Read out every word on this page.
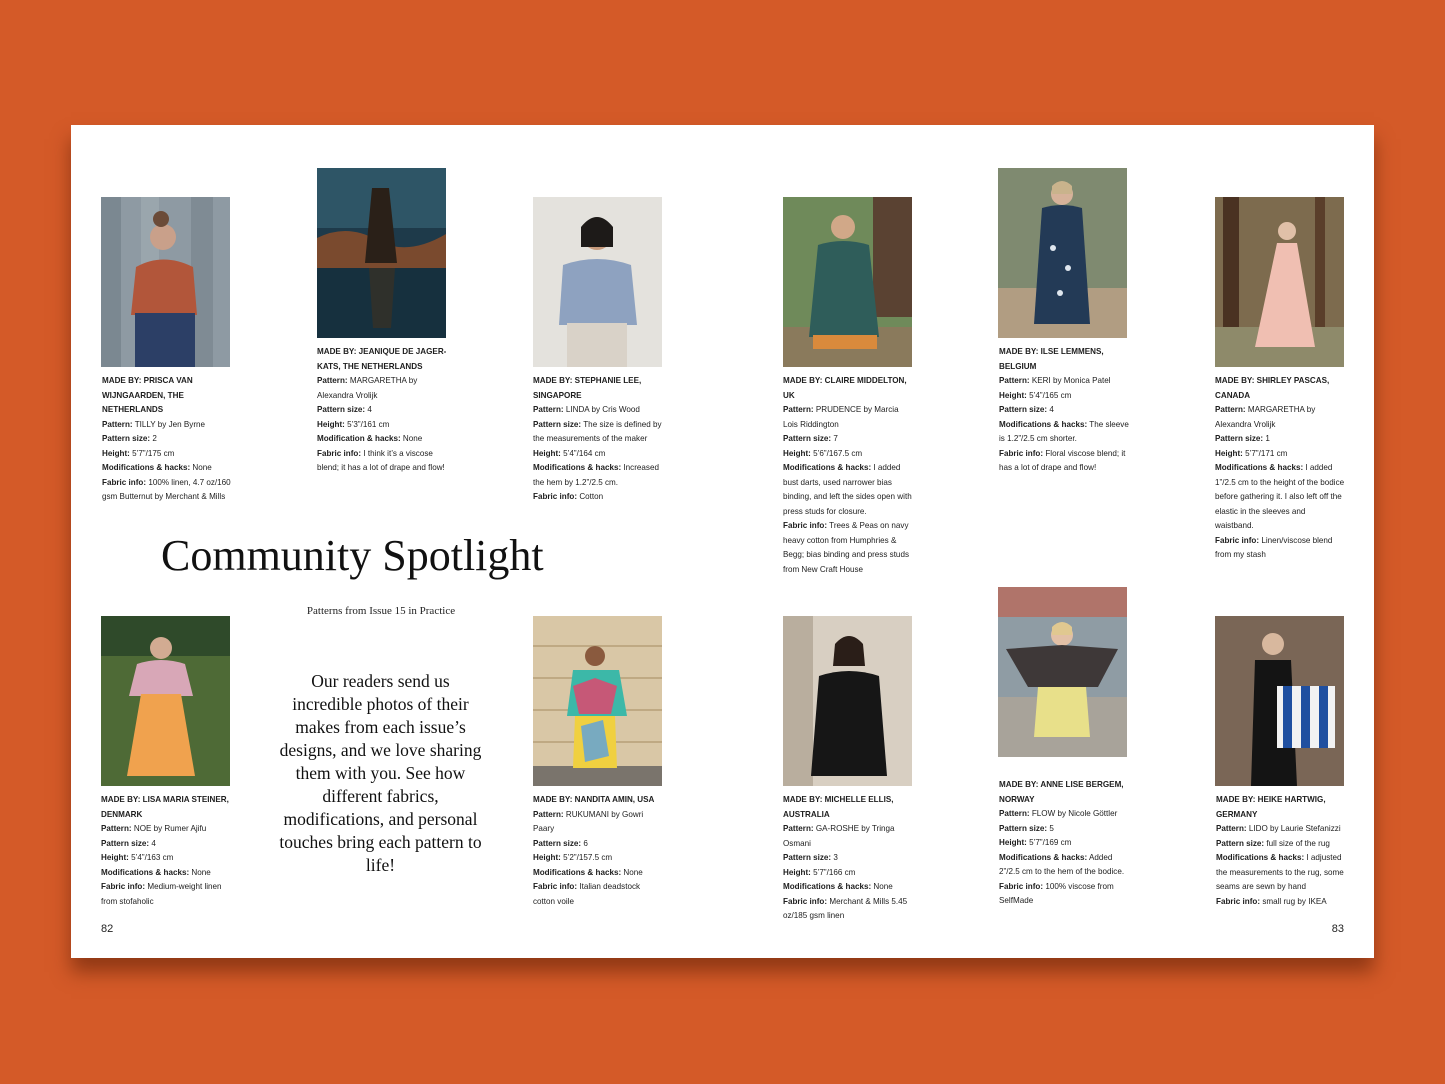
Community Spotlight
Patterns from Issue 15 in Practice
Our readers send us incredible photos of their makes from each issue’s designs, and we love sharing them with you. See how different fabrics, modifications, and personal touches bring each pattern to life!
MADE BY: PRISCA VAN WIJNGAARDEN, THE NETHERLANDS
Pattern: TILLY by Jen Byrne
Pattern size: 2
Height: 5’7”/175 cm
Modifications & hacks: None
Fabric info: 100% linen, 4.7 oz/160 gsm Butternut by Merchant & Mills
MADE BY: JEANIQUE DE JAGER-KATS, THE NETHERLANDS
Pattern: MARGARETHA by Alexandra Vrolijk
Pattern size: 4
Height: 5’3”/161 cm
Modification & hacks: None
Fabric info: I think it’s a viscose blend; it has a lot of drape and flow!
MADE BY: STEPHANIE LEE, SINGAPORE
Pattern: LINDA by Cris Wood
Pattern size: The size is defined by the measurements of the maker
Height: 5’4”/164 cm
Modifications & hacks: Increased the hem by 1.2”/2.5 cm.
Fabric info: Cotton
MADE BY: CLAIRE MIDDELTON, UK
Pattern: PRUDENCE by Marcia Lois Riddington
Pattern size: 7
Height: 5’6”/167.5 cm
Modifications & hacks: I added bust darts, used narrower bias binding, and left the sides open with press studs for closure.
Fabric info: Trees & Peas on navy heavy cotton from Humphries & Begg; bias binding and press studs from New Craft House
MADE BY: ILSE LEMMENS, BELGIUM
Pattern: KERI by Monica Patel
Height: 5’4”/165 cm
Pattern size: 4
Modifications & hacks: The sleeve is 1.2”/2.5 cm shorter.
Fabric info: Floral viscose blend; it has a lot of drape and flow!
MADE BY: SHIRLEY PASCAS, CANADA
Pattern: MARGARETHA by Alexandra Vrolijk
Pattern size: 1
Height: 5’7”/171 cm
Modifications & hacks: I added 1”/2.5 cm to the height of the bodice before gathering it. I also left off the elastic in the sleeves and waistband.
Fabric info: Linen/viscose blend from my stash
MADE BY: LISA MARIA STEINER, DENMARK
Pattern: NOE by Rumer Ajifu
Pattern size: 4
Height: 5’4”/163 cm
Modifications & hacks: None
Fabric info: Medium-weight linen from stofaholic
MADE BY: NANDITA AMIN, USA
Pattern: RUKUMANI by Gowri Paary
Pattern size: 6
Height: 5’2”/157.5 cm
Modifications & hacks: None
Fabric info: Italian deadstock cotton voile
MADE BY: MICHELLE ELLIS, AUSTRALIA
Pattern: GA-ROSHE by Tringa Osmani
Pattern size: 3
Height: 5’7”/166 cm
Modifications & hacks: None
Fabric info: Merchant & Mills 5.45 oz/185 gsm linen
MADE BY: ANNE LISE BERGEM, NORWAY
Pattern: FLOW by Nicole Göttler
Pattern size: 5
Height: 5’7”/169 cm
Modifications & hacks: Added 2”/2.5 cm to the hem of the bodice.
Fabric info: 100% viscose from SelfMade
MADE BY: HEIKE HARTWIG, GERMANY
Pattern: LIDO by Laurie Stefanizzi
Pattern size: full size of the rug
Modifications & hacks: I adjusted the measurements to the rug, some seams are sewn by hand
Fabric info: small rug by IKEA
82	83
